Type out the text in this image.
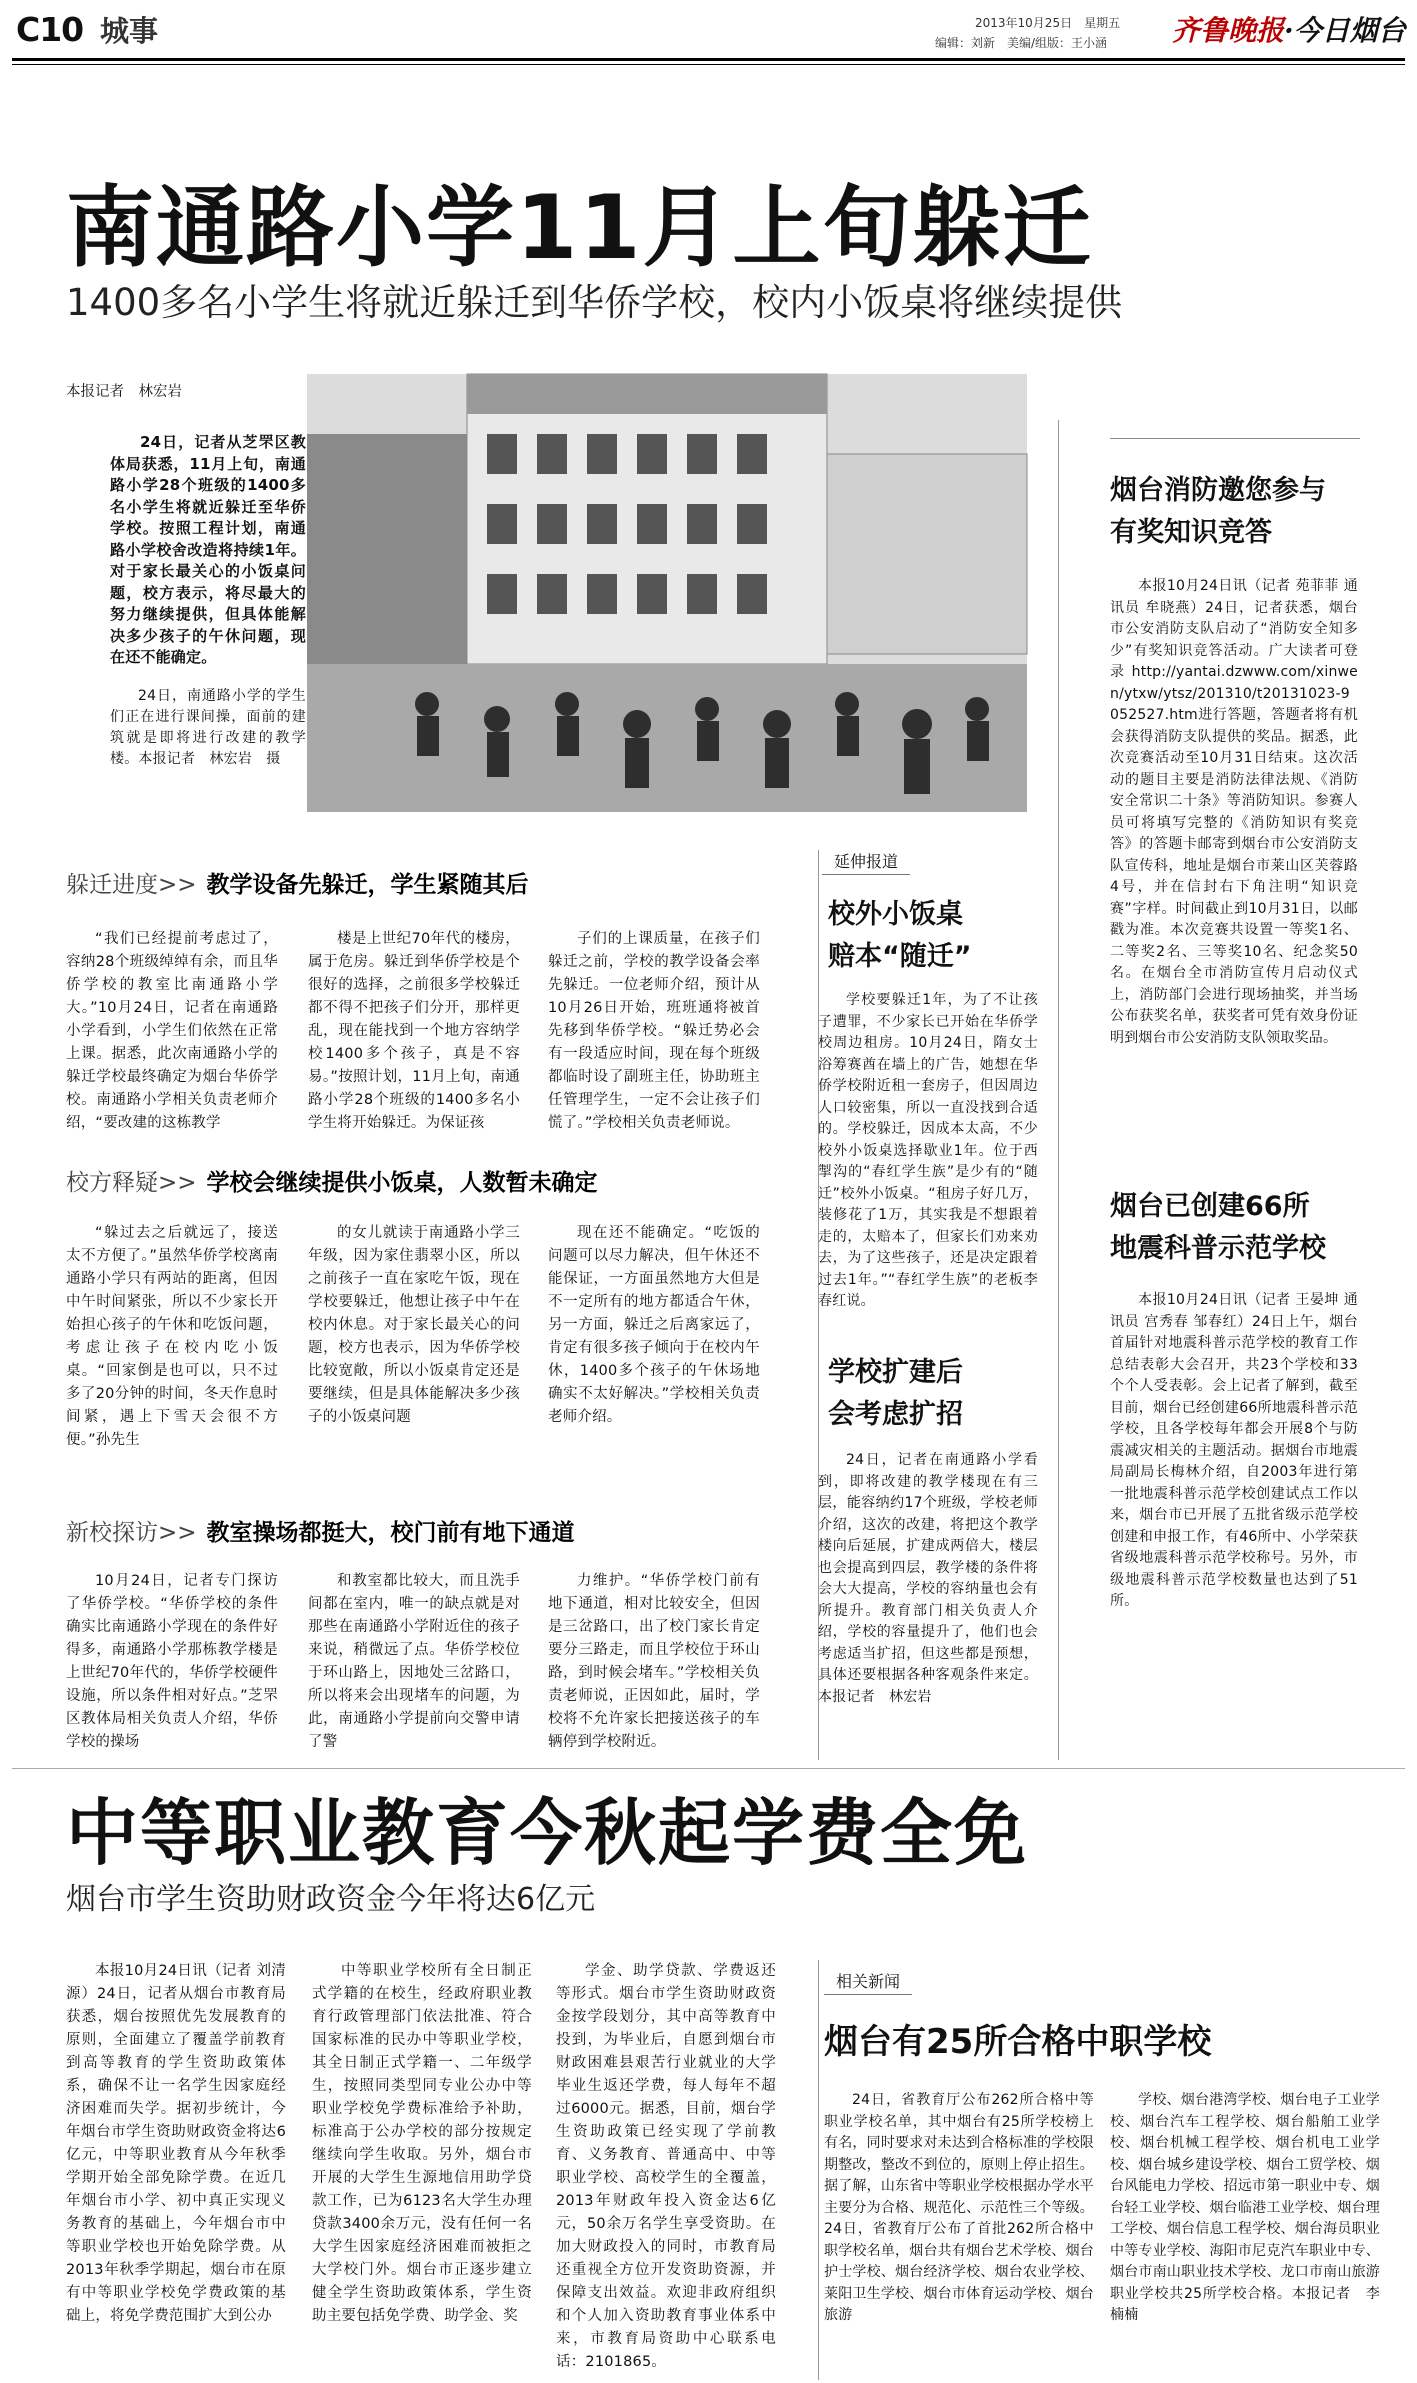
C10 城事	2013年10月25日　星期五
编辑：刘新　美编/组版：王小涵 齐鲁晚报·今日烟台
南通路小学11月上旬躲迁
1400多名小学生将就近躲迁到华侨学校，校内小饭桌将继续提供
本报记者　林宏岩
24日，记者从芝罘区教体局获悉，11月上旬，南通路小学28个班级的1400多名小学生将就近躲迁至华侨学校。按照工程计划，南通路小学校舍改造将持续1年。对于家长最关心的小饭桌问题，校方表示，将尽最大的努力继续提供，但具体能解决多少孩子的午休问题，现在还不能确定。
24日，南通路小学的学生们正在进行课间操，面前的建筑就是即将进行改建的教学楼。本报记者　林宏岩　摄
躲迁进度>> 教学设备先躲迁，学生紧随其后
“我们已经提前考虑过了，容纳28个班级绰绰有余，而且华侨学校的教室比南通路小学大。”10月24日，记者在南通路小学看到，小学生们依然在正常上课。据悉，此次南通路小学的躲迁学校最终确定为烟台华侨学校。南通路小学相关负责老师介绍，“要改建的这栋教学
楼是上世纪70年代的楼房，属于危房。躲迁到华侨学校是个很好的选择，之前很多学校躲迁都不得不把孩子们分开，那样更乱，现在能找到一个地方容纳学校1400多个孩子，真是不容易。”按照计划，11月上旬，南通路小学28个班级的1400多名小学生将开始躲迁。为保证孩
子们的上课质量，在孩子们躲迁之前，学校的教学设备会率先躲迁。一位老师介绍，预计从10月26日开始，班班通将被首先移到华侨学校。“躲迁势必会有一段适应时间，现在每个班级都临时设了副班主任，协助班主任管理学生，一定不会让孩子们慌了。”学校相关负责老师说。
校方释疑>> 学校会继续提供小饭桌，人数暂未确定
“躲过去之后就远了，接送太不方便了。”虽然华侨学校离南通路小学只有两站的距离，但因中午时间紧张，所以不少家长开始担心孩子的午休和吃饭问题，考虑让孩子在校内吃小饭桌。“回家倒是也可以，只不过多了20分钟的时间，冬天作息时间紧，遇上下雪天会很不方便。”孙先生
的女儿就读于南通路小学三年级，因为家住翡翠小区，所以之前孩子一直在家吃午饭，现在学校要躲迁，他想让孩子中午在校内休息。对于家长最关心的问题，校方也表示，因为华侨学校比较宽敞，所以小饭桌肯定还是要继续，但是具体能解决多少孩子的小饭桌问题
现在还不能确定。“吃饭的问题可以尽力解决，但午休还不能保证，一方面虽然地方大但是不一定所有的地方都适合午休，另一方面，躲迁之后离家远了，肯定有很多孩子倾向于在校内午休，1400多个孩子的午休场地确实不太好解决。”学校相关负责老师介绍。
新校探访>> 教室操场都挺大，校门前有地下通道
10月24日，记者专门探访了华侨学校。“华侨学校的条件确实比南通路小学现在的条件好得多，南通路小学那栋教学楼是上世纪70年代的，华侨学校硬件设施，所以条件相对好点。”芝罘区教体局相关负责人介绍，华侨学校的操场
和教室都比较大，而且洗手间都在室内，唯一的缺点就是对那些在南通路小学附近住的孩子来说，稍微远了点。华侨学校位于环山路上，因地处三岔路口，所以将来会出现堵车的问题，为此，南通路小学提前向交警申请了警
力维护。“华侨学校门前有地下通道，相对比较安全，但因是三岔路口，出了校门家长肯定要分三路走，而且学校位于环山路，到时候会堵车。”学校相关负责老师说，正因如此，届时，学校将不允许家长把接送孩子的车辆停到学校附近。
延伸报道
校外小饭桌
赔本“随迁”
学校要躲迁1年，为了不让孩子遭罪，不少家长已开始在华侨学校周边租房。10月24日，隋女士浴筹赛酋在墙上的广告，她想在华侨学校附近租一套房子，但因周边人口较密集，所以一直没找到合适的。学校躲迁，因成本太高，不少校外小饭桌选择歇业1年。位于西掣沟的“春红学生族”是少有的“随迁”校外小饭桌。“租房子好几万，装修花了1万，其实我是不想跟着走的，太赔本了，但家长们劝来劝去，为了这些孩子，还是决定跟着过去1年。”“春红学生族”的老板李春红说。
学校扩建后
会考虑扩招
24日，记者在南通路小学看到，即将改建的教学楼现在有三层，能容纳约17个班级，学校老师介绍，这次的改建，将把这个教学楼向后延展，扩建成两倍大，楼层也会提高到四层，教学楼的条件将会大大提高，学校的容纳量也会有所提升。教育部门相关负责人介绍，学校的容量提升了，他们也会考虑适当扩招，但这些都是预想，具体还要根据各种客观条件来定。本报记者　林宏岩
烟台消防邀您参与
有奖知识竞答
本报10月24日讯（记者 苑菲菲 通讯员 牟晓燕）24日，记者获悉，烟台市公安消防支队启动了“消防安全知多少”有奖知识竞答活动。广大读者可登录http://yantai.dzwww.com/xinwen/ytxw/ytsz/201310/t20131023-9052527.htm进行答题，答题者将有机会获得消防支队提供的奖品。据悉，此次竞赛活动至10月31日结束。这次活动的题目主要是消防法律法规、《消防安全常识二十条》等消防知识。参赛人员可将填写完整的《消防知识有奖竞答》的答题卡邮寄到烟台市公安消防支队宣传科，地址是烟台市莱山区芙蓉路4号，并在信封右下角注明“知识竞赛”字样。时间截止到10月31日，以邮戳为准。本次竞赛共设置一等奖1名、二等奖2名、三等奖10名、纪念奖50名。在烟台全市消防宣传月启动仪式上，消防部门会进行现场抽奖，并当场公布获奖名单，获奖者可凭有效身份证明到烟台市公安消防支队领取奖品。
烟台已创建66所
地震科普示范学校
本报10月24日讯（记者 王晏坤 通讯员 宫秀春 邹春红）24日上午，烟台首届针对地震科普示范学校的教育工作总结表彰大会召开，共23个学校和33个个人受表彰。会上记者了解到，截至目前，烟台已经创建66所地震科普示范学校，且各学校每年都会开展8个与防震减灾相关的主题活动。据烟台市地震局副局长梅林介绍，自2003年进行第一批地震科普示范学校创建试点工作以来，烟台市已开展了五批省级示范学校创建和申报工作，有46所中、小学荣获省级地震科普示范学校称号。另外，市级地震科普示范学校数量也达到了51所。
中等职业教育今秋起学费全免
烟台市学生资助财政资金今年将达6亿元
本报10月24日讯（记者 刘清源）24日，记者从烟台市教育局获悉，烟台按照优先发展教育的原则，全面建立了覆盖学前教育到高等教育的学生资助政策体系，确保不让一名学生因家庭经济困难而失学。据初步统计，今年烟台市学生资助财政资金将达6亿元，中等职业教育从今年秋季学期开始全部免除学费。在近几年烟台市小学、初中真正实现义务教育的基础上，今年烟台市中等职业学校也开始免除学费。从2013年秋季学期起，烟台市在原有中等职业学校免学费政策的基础上，将免学费范围扩大到公办
中等职业学校所有全日制正式学籍的在校生，经政府职业教育行政管理部门依法批准、符合国家标准的民办中等职业学校，其全日制正式学籍一、二年级学生，按照同类型同专业公办中等职业学校免学费标准给予补助，标准高于公办学校的部分按规定继续向学生收取。另外，烟台市开展的大学生生源地信用助学贷款工作，已为6123名大学生办理贷款3400余万元，没有任何一名大学生因家庭经济困难而被拒之大学校门外。烟台市正逐步建立健全学生资助政策体系，学生资助主要包括免学费、助学金、奖
学金、助学贷款、学费返还等形式。烟台市学生资助财政资金按学段划分，其中高等教育中投到，为毕业后，自愿到烟台市财政困难县艰苦行业就业的大学毕业生返还学费，每人每年不超过6000元。据悉，目前，烟台学生资助政策已经实现了学前教育、义务教育、普通高中、中等职业学校、高校学生的全覆盖，2013年财政年投入资金达6亿元，50余万名学生享受资助。在加大财政投入的同时，市教育局还重视全方位开发资助资源，并保障支出效益。欢迎非政府组织和个人加入资助教育事业体系中来，市教育局资助中心联系电话：2101865。
相关新闻
烟台有25所合格中职学校
24日，省教育厅公布262所合格中等职业学校名单，其中烟台有25所学校榜上有名，同时要求对未达到合格标准的学校限期整改，整改不到位的，原则上停止招生。据了解，山东省中等职业学校根据办学水平主要分为合格、规范化、示范性三个等级。24日，省教育厅公布了首批262所合格中职学校名单，烟台共有烟台艺术学校、烟台护士学校、烟台经济学校、烟台农业学校、莱阳卫生学校、烟台市体育运动学校、烟台旅游
学校、烟台港湾学校、烟台电子工业学校、烟台汽车工程学校、烟台船舶工业学校、烟台机械工程学校、烟台机电工业学校、烟台城乡建设学校、烟台工贸学校、烟台风能电力学校、招远市第一职业中专、烟台轻工业学校、烟台临港工业学校、烟台理工学校、烟台信息工程学校、烟台海员职业中等专业学校、海阳市尼克汽车职业中专、烟台市南山职业技术学校、龙口市南山旅游职业学校共25所学校合格。本报记者　李楠楠
